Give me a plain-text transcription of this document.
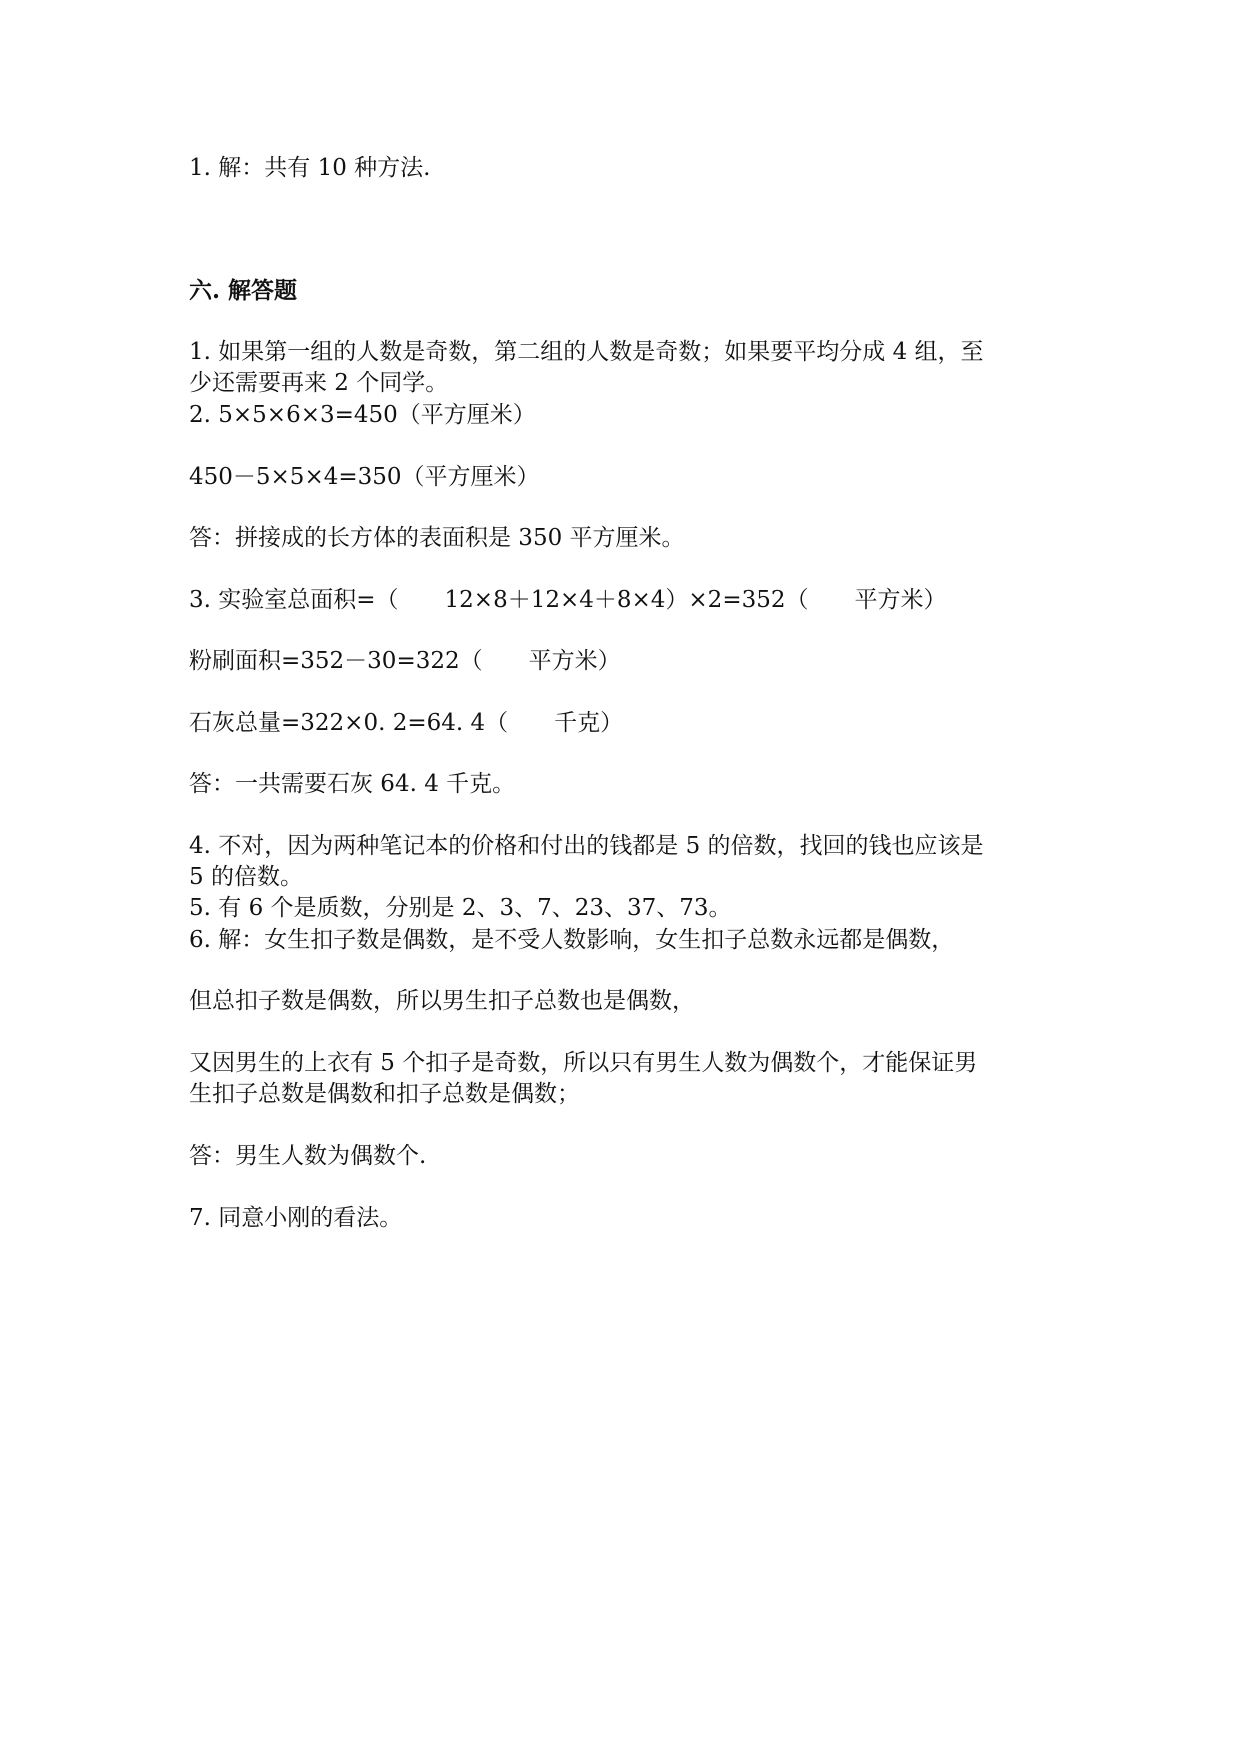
1. 解：共有 10 种方法.
六. 解答题
1. 如果第一组的人数是奇数，第二组的人数是奇数；如果要平均分成 4 组，至
少还需要再来 2 个同学。
2. 5×5×6×3=450（平方厘米）
450－5×5×4=350（平方厘米）
答：拼接成的长方体的表面积是 350 平方厘米。
3. 实验室总面积=（　　12×8＋12×4＋8×4）×2=352（　　平方米）
粉刷面积=352－30=322（　　平方米）
石灰总量=322×0. 2=64. 4（　　千克）
答：一共需要石灰 64. 4 千克。
4. 不对，因为两种笔记本的价格和付出的钱都是 5 的倍数，找回的钱也应该是
5 的倍数。
5. 有 6 个是质数，分别是 2、3、7、23、37、73。
6. 解：女生扣子数是偶数，是不受人数影响，女生扣子总数永远都是偶数，
但总扣子数是偶数，所以男生扣子总数也是偶数，
又因男生的上衣有 5 个扣子是奇数，所以只有男生人数为偶数个，才能保证男
生扣子总数是偶数和扣子总数是偶数；
答：男生人数为偶数个.
7. 同意小刚的看法。
